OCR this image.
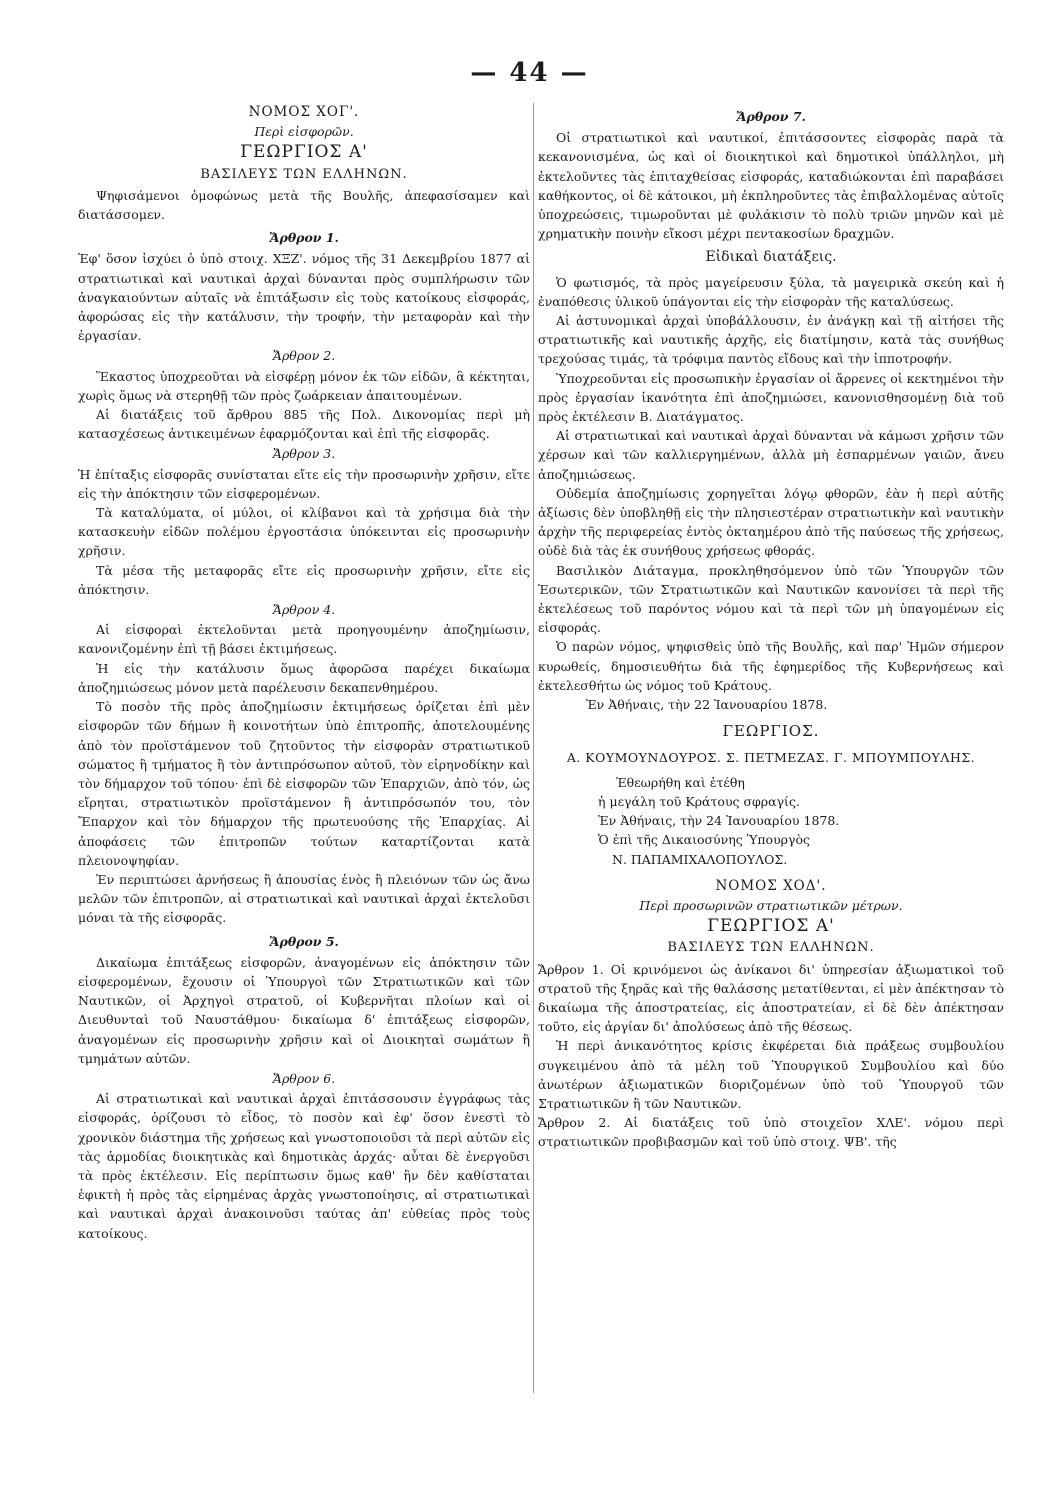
— 44 —

ΝΟΜΟΣ ΧΟΓ'.

Περὶ εἰσφορῶν.

ΓΕΩΡΓΙΟΣ Α'

ΒΑΣΙΛΕΥΣ ΤΩΝ ΕΛΛΗΝΩΝ.

Ψηφισάμενοι ὁμοφώνως μετὰ τῆς Βουλῆς, ἀπεφασίσαμεν καὶ διατάσσομεν.

Ἄρθρον 1.

Ἐφ' ὅσον ἰσχύει ὁ ὑπὸ στοιχ. ΧΞΖ'. νόμος τῆς 31 Δεκεμβρίου 1877 αἱ στρατιωτικαὶ καὶ ναυτικαὶ ἀρχαὶ δύνανται πρὸς συμπλήρωσιν τῶν ἀναγκαιούντων αὐταῖς νὰ ἐπιτάξωσιν εἰς τοὺς κατοίκους εἰσφοράς, ἀφορώσας εἰς τὴν κατάλυσιν, τὴν τροφήν, τὴν μεταφορὰν καὶ τὴν ἐργασίαν.

Ἄρθρον 2.

Ἕκαστος ὑποχρεοῦται νὰ εἰσφέρῃ μόνον ἐκ τῶν εἰδῶν, ἃ κέκτηται, χωρὶς ὅμως νὰ στερηθῇ τῶν πρὸς ζωάρκειαν ἀπαιτουμένων.

Αἱ διατάξεις τοῦ ἄρθρου 885 τῆς Πολ. Δικονομίας περὶ μὴ κατασχέσεως ἀντικειμένων ἐφαρμόζονται καὶ ἐπὶ τῆς εἰσφορᾶς.

Ἄρθρον 3.

Ἡ ἐπίταξις εἰσφορᾶς συνίσταται εἴτε εἰς τὴν προσωρινὴν χρῆσιν, εἴτε εἰς τὴν ἀπόκτησιν τῶν εἰσφερομένων.

Τὰ καταλύματα, οἱ μύλοι, οἱ κλίβανοι καὶ τὰ χρήσιμα διὰ τὴν κατασκευὴν εἰδῶν πολέμου ἐργοστάσια ὑπόκεινται εἰς προσωρινὴν χρῆσιν.

Τὰ μέσα τῆς μεταφορᾶς εἴτε εἰς προσωρινὴν χρῆσιν, εἴτε εἰς ἀπόκτησιν.

Ἄρθρον 4.

Αἱ εἰσφοραὶ ἐκτελοῦνται μετὰ προηγουμένην ἀποζημίωσιν, κανονιζομένην ἐπὶ τῇ βάσει ἐκτιμήσεως.

Ἡ εἰς τὴν κατάλυσιν ὅμως ἀφορῶσα παρέχει δικαίωμα ἀποζημιώσεως μόνον μετὰ παρέλευσιν δεκαπενθημέρου.

Τὸ ποσὸν τῆς πρὸς ἀποζημίωσιν ἐκτιμήσεως ὁρίζεται ἐπὶ μὲν εἰσφορῶν τῶν δήμων ἢ κοινοτήτων ὑπὸ ἐπιτροπῆς, ἀποτελουμένης ἀπὸ τὸν προϊστάμενον τοῦ ζητοῦντος τὴν εἰσφορὰν στρατιωτικοῦ σώματος ἢ τμήματος ἢ τὸν ἀντιπρόσωπον αὐτοῦ, τὸν εἰρηνοδίκην καὶ τὸν δήμαρχον τοῦ τόπου· ἐπὶ δὲ εἰσφορῶν τῶν Ἐπαρχιῶν, ἀπὸ τόν, ὡς εἴρηται, στρατιωτικὸν προϊστάμενον ἢ ἀντιπρόσωπόν του, τὸν Ἔπαρχον καὶ τὸν δήμαρχον τῆς πρωτευούσης τῆς Ἐπαρχίας. Αἱ ἀποφάσεις τῶν ἐπιτροπῶν τούτων καταρτίζονται κατὰ πλειονοψηφίαν.

Ἐν περιπτώσει ἀρνήσεως ἢ ἀπουσίας ἑνὸς ἢ πλειόνων τῶν ὡς ἄνω μελῶν τῶν ἐπιτροπῶν, αἱ στρατιωτικαὶ καὶ ναυτικαὶ ἀρχαὶ ἐκτελοῦσι μόναι τὰ τῆς εἰσφορᾶς.

Ἄρθρον 5.

Δικαίωμα ἐπιτάξεως εἰσφορῶν, ἀναγομένων εἰς ἀπόκτησιν τῶν εἰσφερομένων, ἔχουσιν οἱ Ὑπουργοὶ τῶν Στρατιωτικῶν καὶ τῶν Ναυτικῶν, οἱ Ἀρχηγοὶ στρατοῦ, οἱ Κυβερνῆται πλοίων καὶ οἱ Διευθυνταὶ τοῦ Ναυστάθμου· δικαίωμα δ' ἐπιτάξεως εἰσφορῶν, ἀναγομένων εἰς προσωρινὴν χρῆσιν καὶ οἱ Διοικηταὶ σωμάτων ἢ τμημάτων αὐτῶν.

Ἄρθρον 6.

Αἱ στρατιωτικαὶ καὶ ναυτικαὶ ἀρχαὶ ἐπιτάσσουσιν ἐγγράφως τὰς εἰσφοράς, ὁρίζουσι τὸ εἶδος, τὸ ποσὸν καὶ ἐφ' ὅσον ἐνεστὶ τὸ χρονικὸν διάστημα τῆς χρήσεως καὶ γνωστοποιοῦσι τὰ περὶ αὐτῶν εἰς τὰς ἁρμοδίας διοικητικὰς καὶ δημοτικὰς ἀρχάς· αὗται δὲ ἐνεργοῦσι τὰ πρὸς ἐκτέλεσιν. Εἰς περίπτωσιν ὅμως καθ' ἣν δὲν καθίσταται ἐφικτὴ ἡ πρὸς τὰς εἰρημένας ἀρχὰς γνωστοποίησις, αἱ στρατιωτικαὶ καὶ ναυτικαὶ ἀρχαὶ ἀνακοινοῦσι ταύτας ἀπ' εὐθείας πρὸς τοὺς κατοίκους.

Ἄρθρον 7.

Οἱ στρατιωτικοὶ καὶ ναυτικοί, ἐπιτάσσοντες εἰσφορὰς παρὰ τὰ κεκανονισμένα, ὡς καὶ οἱ διοικητικοὶ καὶ δημοτικοὶ ὑπάλληλοι, μὴ ἐκτελοῦντες τὰς ἐπιταχθείσας εἰσφοράς, καταδιώκονται ἐπὶ παραβάσει καθήκοντος, οἱ δὲ κάτοικοι, μὴ ἐκπληροῦντες τὰς ἐπιβαλλομένας αὐτοῖς ὑποχρεώσεις, τιμωροῦνται μὲ φυλάκισιν τὸ πολὺ τριῶν μηνῶν καὶ μὲ χρηματικὴν ποινὴν εἴκοσι μέχρι πεντακοσίων δραχμῶν.

Εἰδικαὶ διατάξεις.

Ὁ φωτισμός, τὰ πρὸς μαγείρευσιν ξύλα, τὰ μαγειρικὰ σκεύη καὶ ἡ ἐναπόθεσις ὑλικοῦ ὑπάγονται εἰς τὴν εἰσφορὰν τῆς καταλύσεως.

Αἱ ἀστυνομικαὶ ἀρχαὶ ὑποβάλλουσιν, ἐν ἀνάγκῃ καὶ τῇ αἰτήσει τῆς στρατιωτικῆς καὶ ναυτικῆς ἀρχῆς, εἰς διατίμησιν, κατὰ τὰς συνήθως τρεχούσας τιμάς, τὰ τρόφιμα παντὸς εἴδους καὶ τὴν ἱπποτροφήν.

Ὑποχρεοῦνται εἰς προσωπικὴν ἐργασίαν οἱ ἄρρενες οἱ κεκτημένοι τὴν πρὸς ἐργασίαν ἱκανότητα ἐπὶ ἀποζημιώσει, κανονισθησομένῃ διὰ τοῦ πρὸς ἐκτέλεσιν Β. Διατάγματος.

Αἱ στρατιωτικαὶ καὶ ναυτικαὶ ἀρχαὶ δύνανται νὰ κάμωσι χρῆσιν τῶν χέρσων καὶ τῶν καλλιεργημένων, ἀλλὰ μὴ ἐσπαρμένων γαιῶν, ἄνευ ἀποζημιώσεως.

Οὐδεμία ἀποζημίωσις χορηγεῖται λόγῳ φθορῶν, ἐὰν ἡ περὶ αὐτῆς ἀξίωσις δὲν ὑποβληθῇ εἰς τὴν πλησιεστέραν στρατιωτικὴν καὶ ναυτικὴν ἀρχὴν τῆς περιφερείας ἐντὸς ὀκταημέρου ἀπὸ τῆς παύσεως τῆς χρήσεως, οὐδὲ διὰ τὰς ἐκ συνήθους χρήσεως φθοράς.

Βασιλικὸν Διάταγμα, προκληθησόμενον ὑπὸ τῶν Ὑπουργῶν τῶν Ἐσωτερικῶν, τῶν Στρατιωτικῶν καὶ Ναυτικῶν κανονίσει τὰ περὶ τῆς ἐκτελέσεως τοῦ παρόντος νόμου καὶ τὰ περὶ τῶν μὴ ὑπαγομένων εἰς εἰσφοράς.

Ὁ παρὼν νόμος, ψηφισθεὶς ὑπὸ τῆς Βουλῆς, καὶ παρ' Ἡμῶν σήμερον κυρωθείς, δημοσιευθήτω διὰ τῆς ἐφημερίδος τῆς Κυβερνήσεως καὶ ἐκτελεσθήτω ὡς νόμος τοῦ Κράτους.

Ἐν Ἀθήναις, τὴν 22 Ἰανουαρίου 1878.

ΓΕΩΡΓΙΟΣ.

Α. ΚΟΥΜΟΥΝΔΟΥΡΟΣ. Σ. ΠΕΤΜΕΖΑΣ. Γ. ΜΠΟΥΜΠΟΥΛΗΣ.

Ἐθεωρήθη καὶ ἐτέθη

ἡ μεγάλη τοῦ Κράτους σφραγίς.

Ἐν Ἀθήναις, τὴν 24 Ἰανουαρίου 1878.

Ὁ ἐπὶ τῆς Δικαιοσύνης Ὑπουργὸς

Ν. ΠΑΠΑΜΙΧΑΛΟΠΟΥΛΟΣ.

ΝΟΜΟΣ ΧΟΔ'.

Περὶ προσωρινῶν στρατιωτικῶν μέτρων.

ΓΕΩΡΓΙΟΣ Α'

ΒΑΣΙΛΕΥΣ ΤΩΝ ΕΛΛΗΝΩΝ.

Ἄρθρον 1. Οἱ κρινόμενοι ὡς ἀνίκανοι δι' ὑπηρεσίαν ἀξιωματικοὶ τοῦ στρατοῦ τῆς ξηρᾶς καὶ τῆς θαλάσσης μετατίθενται, εἰ μὲν ἀπέκτησαν τὸ δικαίωμα τῆς ἀποστρατείας, εἰς ἀποστρατείαν, εἰ δὲ δὲν ἀπέκτησαν τοῦτο, εἰς ἀργίαν δι' ἀπολύσεως ἀπὸ τῆς θέσεως.

Ἡ περὶ ἀνικανότητος κρίσις ἐκφέρεται διὰ πράξεως συμβουλίου συγκειμένου ἀπὸ τὰ μέλη τοῦ Ὑπουργικοῦ Συμβουλίου καὶ δύο ἀνωτέρων ἀξιωματικῶν διοριζομένων ὑπὸ τοῦ Ὑπουργοῦ τῶν Στρατιωτικῶν ἢ τῶν Ναυτικῶν.

Ἄρθρον 2. Αἱ διατάξεις τοῦ ὑπὸ στοιχεῖον ΧΛΕ'. νόμου περὶ στρατιωτικῶν προβιβασμῶν καὶ τοῦ ὑπὸ στοιχ. ΨΒ'. τῆς
